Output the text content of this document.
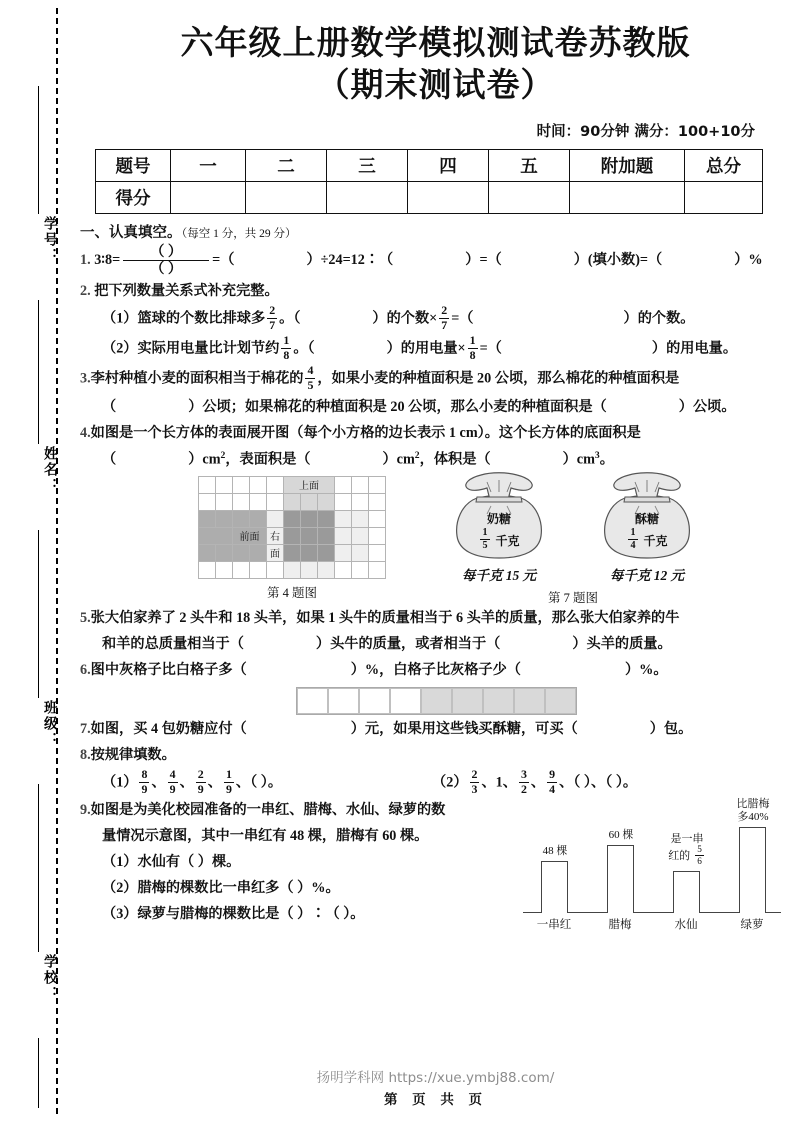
学号：
姓名：
班级：
学校：
六年级上册数学模拟测试卷苏教版
（期末测试卷）
时间：90分钟 满分：100+10分
题号	一	二	三	四	五	附加题	总分
得分							
一、认真填空。（每空 1 分，共 29 分）
1. 3∶8=
（ ）
（ ）
=（	）÷24=12∶（	）=（	）(填小数)=（	）%
2. 把下列数量关系式补充完整。
（1）篮球的个数比排球多 $\frac{2}{7}$ 。（	）的个数× $\frac{2}{7}$ =（	）的个数。
（2）实际用电量比计划节约 $\frac{1}{8}$ 。（	）的用电量× $\frac{1}{8}$ =（	）的用电量。
3.李村种植小麦的面积相当于棉花的 $\frac{4}{5}$ ，如果小麦的种植面积是 20 公顷，那么棉花的种植面积是
（	）公顷；如果棉花的种植面积是 20 公顷，那么小麦的种植面积是（	）公顷。
4.如图是一个长方体的表面展开图（每个小方格的边长表示 1 cm）。这个长方体的底面积是
（	）$cm^2$，表面积是（	）$cm^2$，体积是（	）$cm^3$。
					上面					

		前面		右						
				面						

第 4 题图
奶糖
$\frac{1}{5}$ 千克
每千克 15 元
酥糖
$\frac{1}{4}$ 千克
每千克 12 元
第 7 题图
5.张大伯家养了 2 头牛和 18 头羊，如果 1 头牛的质量相当于 6 头羊的质量，那么张大伯家养的牛
和羊的总质量相当于（	）头牛的质量，或者相当于（	）头羊的质量。
6.图中灰格子比白格子多（	）%，白格子比灰格子少（	）%。
7.如图，买 4 包奶糖应付（	）元，如果用这些钱买酥糖，可买（	）包。
8.按规律填数。
$(1) \frac{8}{9}$ 、 $\frac{4}{9}$ 、 $\frac{2}{9}$ 、 $\frac{1}{9}$ 、（ ）。	$(2) \frac{2}{3}$ 、1、 $\frac{3}{2}$ 、 $\frac{9}{4}$ 、（ ）、（ ）。
9.如图是为美化校园准备的一串红、腊梅、水仙、绿萝的数
量情况示意图，其中一串红有 48 棵，腊梅有 60 棵。
（1）水仙有（ ）棵。
（2）腊梅的棵数比一串红多（ ）%。
（3）绿萝与腊梅的棵数比是（ ）∶（ ）。
48 棵
一串红
60 棵
腊梅
是一串

红的 $\frac{5}{6}$
水仙
比腊梅
多40%
绿萝
扬明学科网 https://xue.ymbj88.com/
第 页 共 页
